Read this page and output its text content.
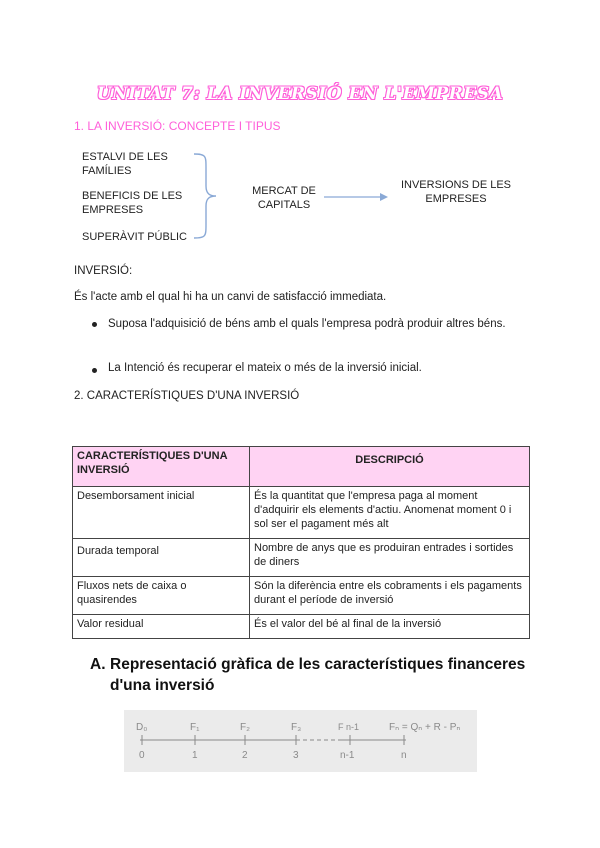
UNITAT 7: LA INVERSIÓ EN L'EMPRESA
1. LA INVERSIÓ: CONCEPTE I TIPUS
ESTALVI DE LES FAMÍLIES
BENEFICIS DE LES EMPRESES
SUPERÀVIT PÚBLIC
MERCAT DE CAPITALS
INVERSIONS DE LES EMPRESES
INVERSIÓ:
És l'acte amb el qual hi ha un canvi de satisfacció immediata.
Suposa l'adquisició de béns amb el quals l'empresa podrà produir altres béns.
La Intenció és recuperar el mateix o més de la inversió inicial.
2. CARACTERÍSTIQUES D'UNA INVERSIÓ
CARACTERÍSTIQUES D'UNA INVERSIÓ	DESCRIPCIÓ
Desemborsament inicial	És la quantitat que l'empresa paga al moment d'adquirir els elements d'actiu. Anomenat moment 0 i sol ser el pagament més alt
Durada temporal	Nombre de anys que es produiran entrades i sortides de diners
Fluxos nets de caixa o quasirendes	Són la diferència entre els cobraments i els pagaments durant el període de inversió
Valor residual	És el valor del bé al final de la inversió
A. Representació gràfica de les característiques financeres d'una inversió
D₀	F₁	F₂	F₃	F n-1	Fₙ = Qₙ + R - Pₙ
0	1	2	3	n-1	n
